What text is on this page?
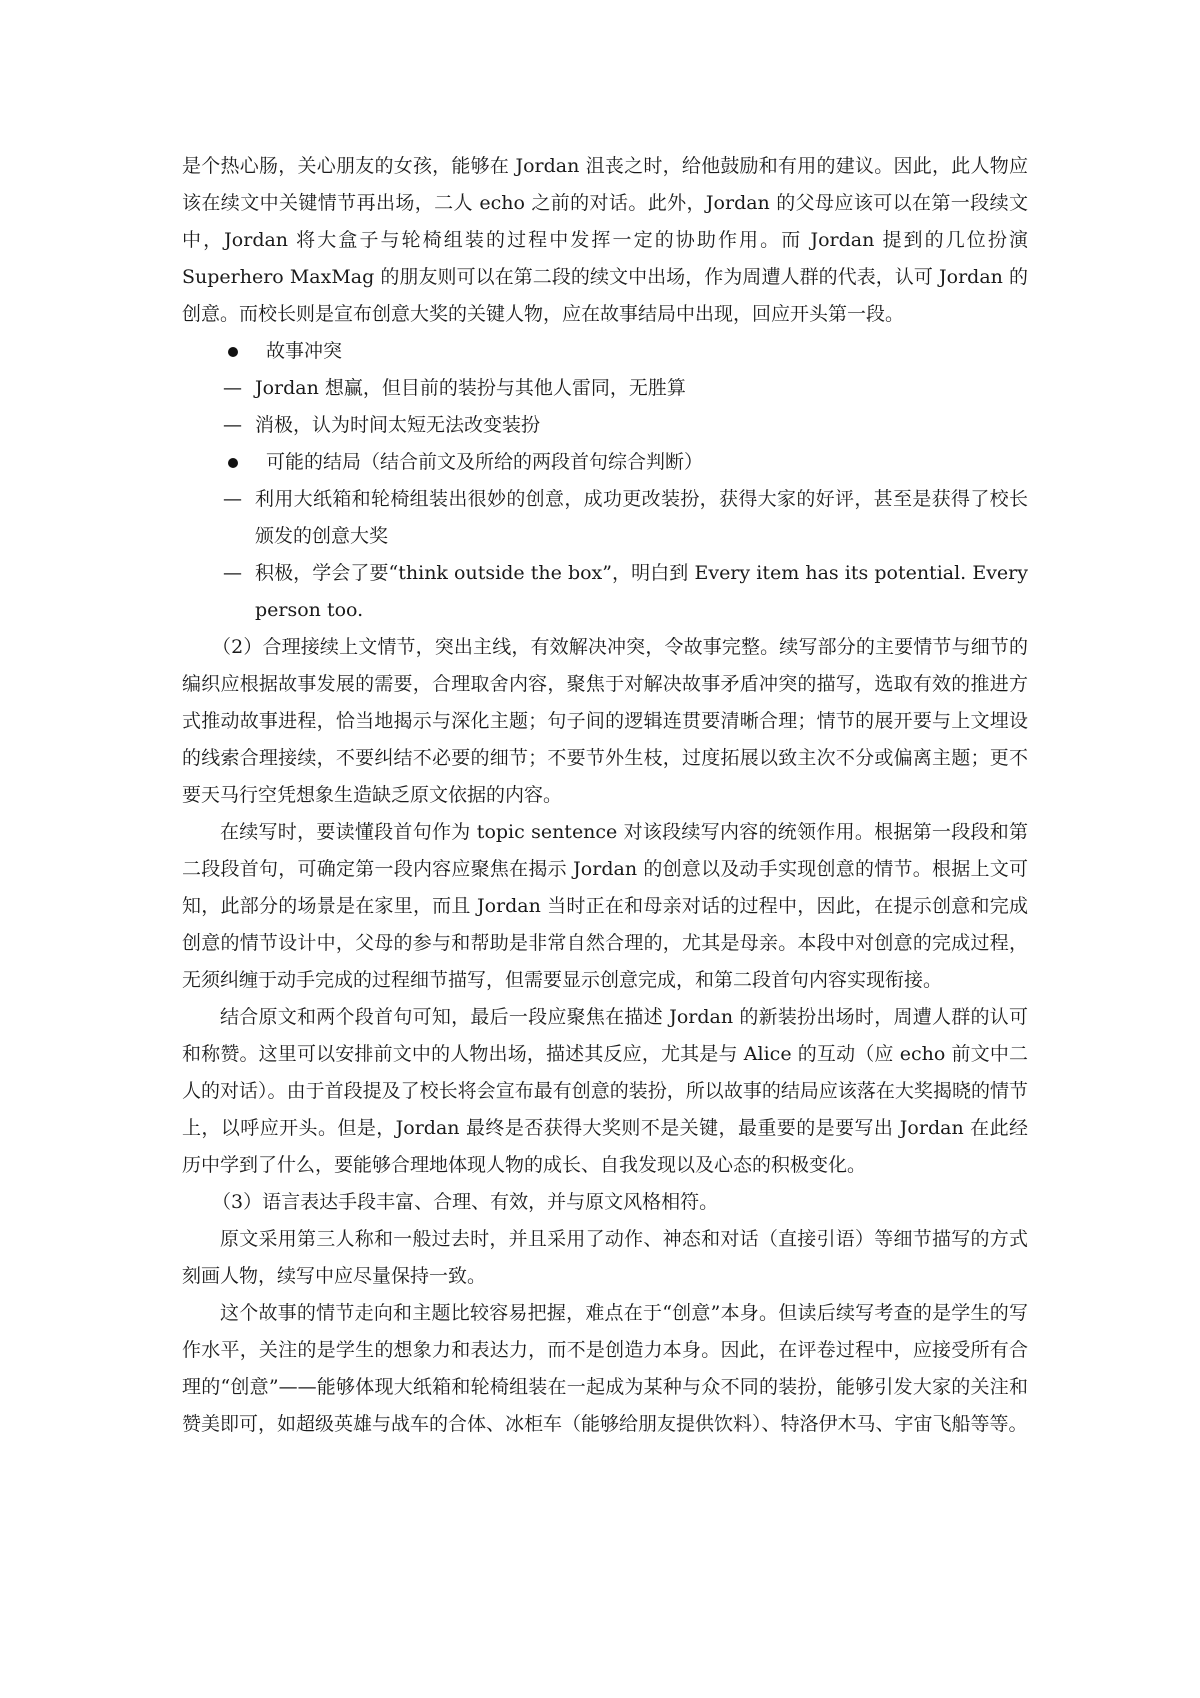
是个热心肠，关心朋友的女孩，能够在 Jordan 沮丧之时，给他鼓励和有用的建议。因此，此人物应该在续文中关键情节再出场，二人 echo 之前的对话。此外，Jordan 的父母应该可以在第一段续文中，Jordan 将大盒子与轮椅组装的过程中发挥一定的协助作用。而 Jordan 提到的几位扮演 Superhero MaxMag 的朋友则可以在第二段的续文中出场，作为周遭人群的代表，认可 Jordan 的创意。而校长则是宣布创意大奖的关键人物，应在故事结局中出现，回应开头第一段。

故事冲突
— Jordan 想赢，但目前的装扮与其他人雷同，无胜算
— 消极，认为时间太短无法改变装扮
可能的结局（结合前文及所给的两段首句综合判断）
— 利用大纸箱和轮椅组装出很妙的创意，成功更改装扮，获得大家的好评，甚至是获得了校长颁发的创意大奖
— 积极，学会了要“think outside the box”，明白到 Every item has its potential. Every person too.

（2）合理接续上文情节，突出主线，有效解决冲突，令故事完整。续写部分的主要情节与细节的编织应根据故事发展的需要，合理取舍内容，聚焦于对解决故事矛盾冲突的描写，选取有效的推进方式推动故事进程，恰当地揭示与深化主题；句子间的逻辑连贯要清晰合理；情节的展开要与上文埋设的线索合理接续，不要纠结不必要的细节；不要节外生枝，过度拓展以致主次不分或偏离主题；更不要天马行空凭想象生造缺乏原文依据的内容。

在续写时，要读懂段首句作为 topic sentence 对该段续写内容的统领作用。根据第一段段和第二段段首句，可确定第一段内容应聚焦在揭示 Jordan 的创意以及动手实现创意的情节。根据上文可知，此部分的场景是在家里，而且 Jordan 当时正在和母亲对话的过程中，因此，在提示创意和完成创意的情节设计中，父母的参与和帮助是非常自然合理的，尤其是母亲。本段中对创意的完成过程，无须纠缠于动手完成的过程细节描写，但需要显示创意完成，和第二段首句内容实现衔接。

结合原文和两个段首句可知，最后一段应聚焦在描述 Jordan 的新装扮出场时，周遭人群的认可和称赞。这里可以安排前文中的人物出场，描述其反应，尤其是与 Alice 的互动（应 echo 前文中二人的对话）。由于首段提及了校长将会宣布最有创意的装扮，所以故事的结局应该落在大奖揭晓的情节上，以呼应开头。但是，Jordan 最终是否获得大奖则不是关键，最重要的是要写出 Jordan 在此经历中学到了什么，要能够合理地体现人物的成长、自我发现以及心态的积极变化。

（3）语言表达手段丰富、合理、有效，并与原文风格相符。

原文采用第三人称和一般过去时，并且采用了动作、神态和对话（直接引语）等细节描写的方式刻画人物，续写中应尽量保持一致。

这个故事的情节走向和主题比较容易把握，难点在于“创意”本身。但读后续写考查的是学生的写作水平，关注的是学生的想象力和表达力，而不是创造力本身。因此，在评卷过程中，应接受所有合理的“创意”——能够体现大纸箱和轮椅组装在一起成为某种与众不同的装扮，能够引发大家的关注和赞美即可，如超级英雄与战车的合体、冰柜车（能够给朋友提供饮料）、特洛伊木马、宇宙飞船等等。
